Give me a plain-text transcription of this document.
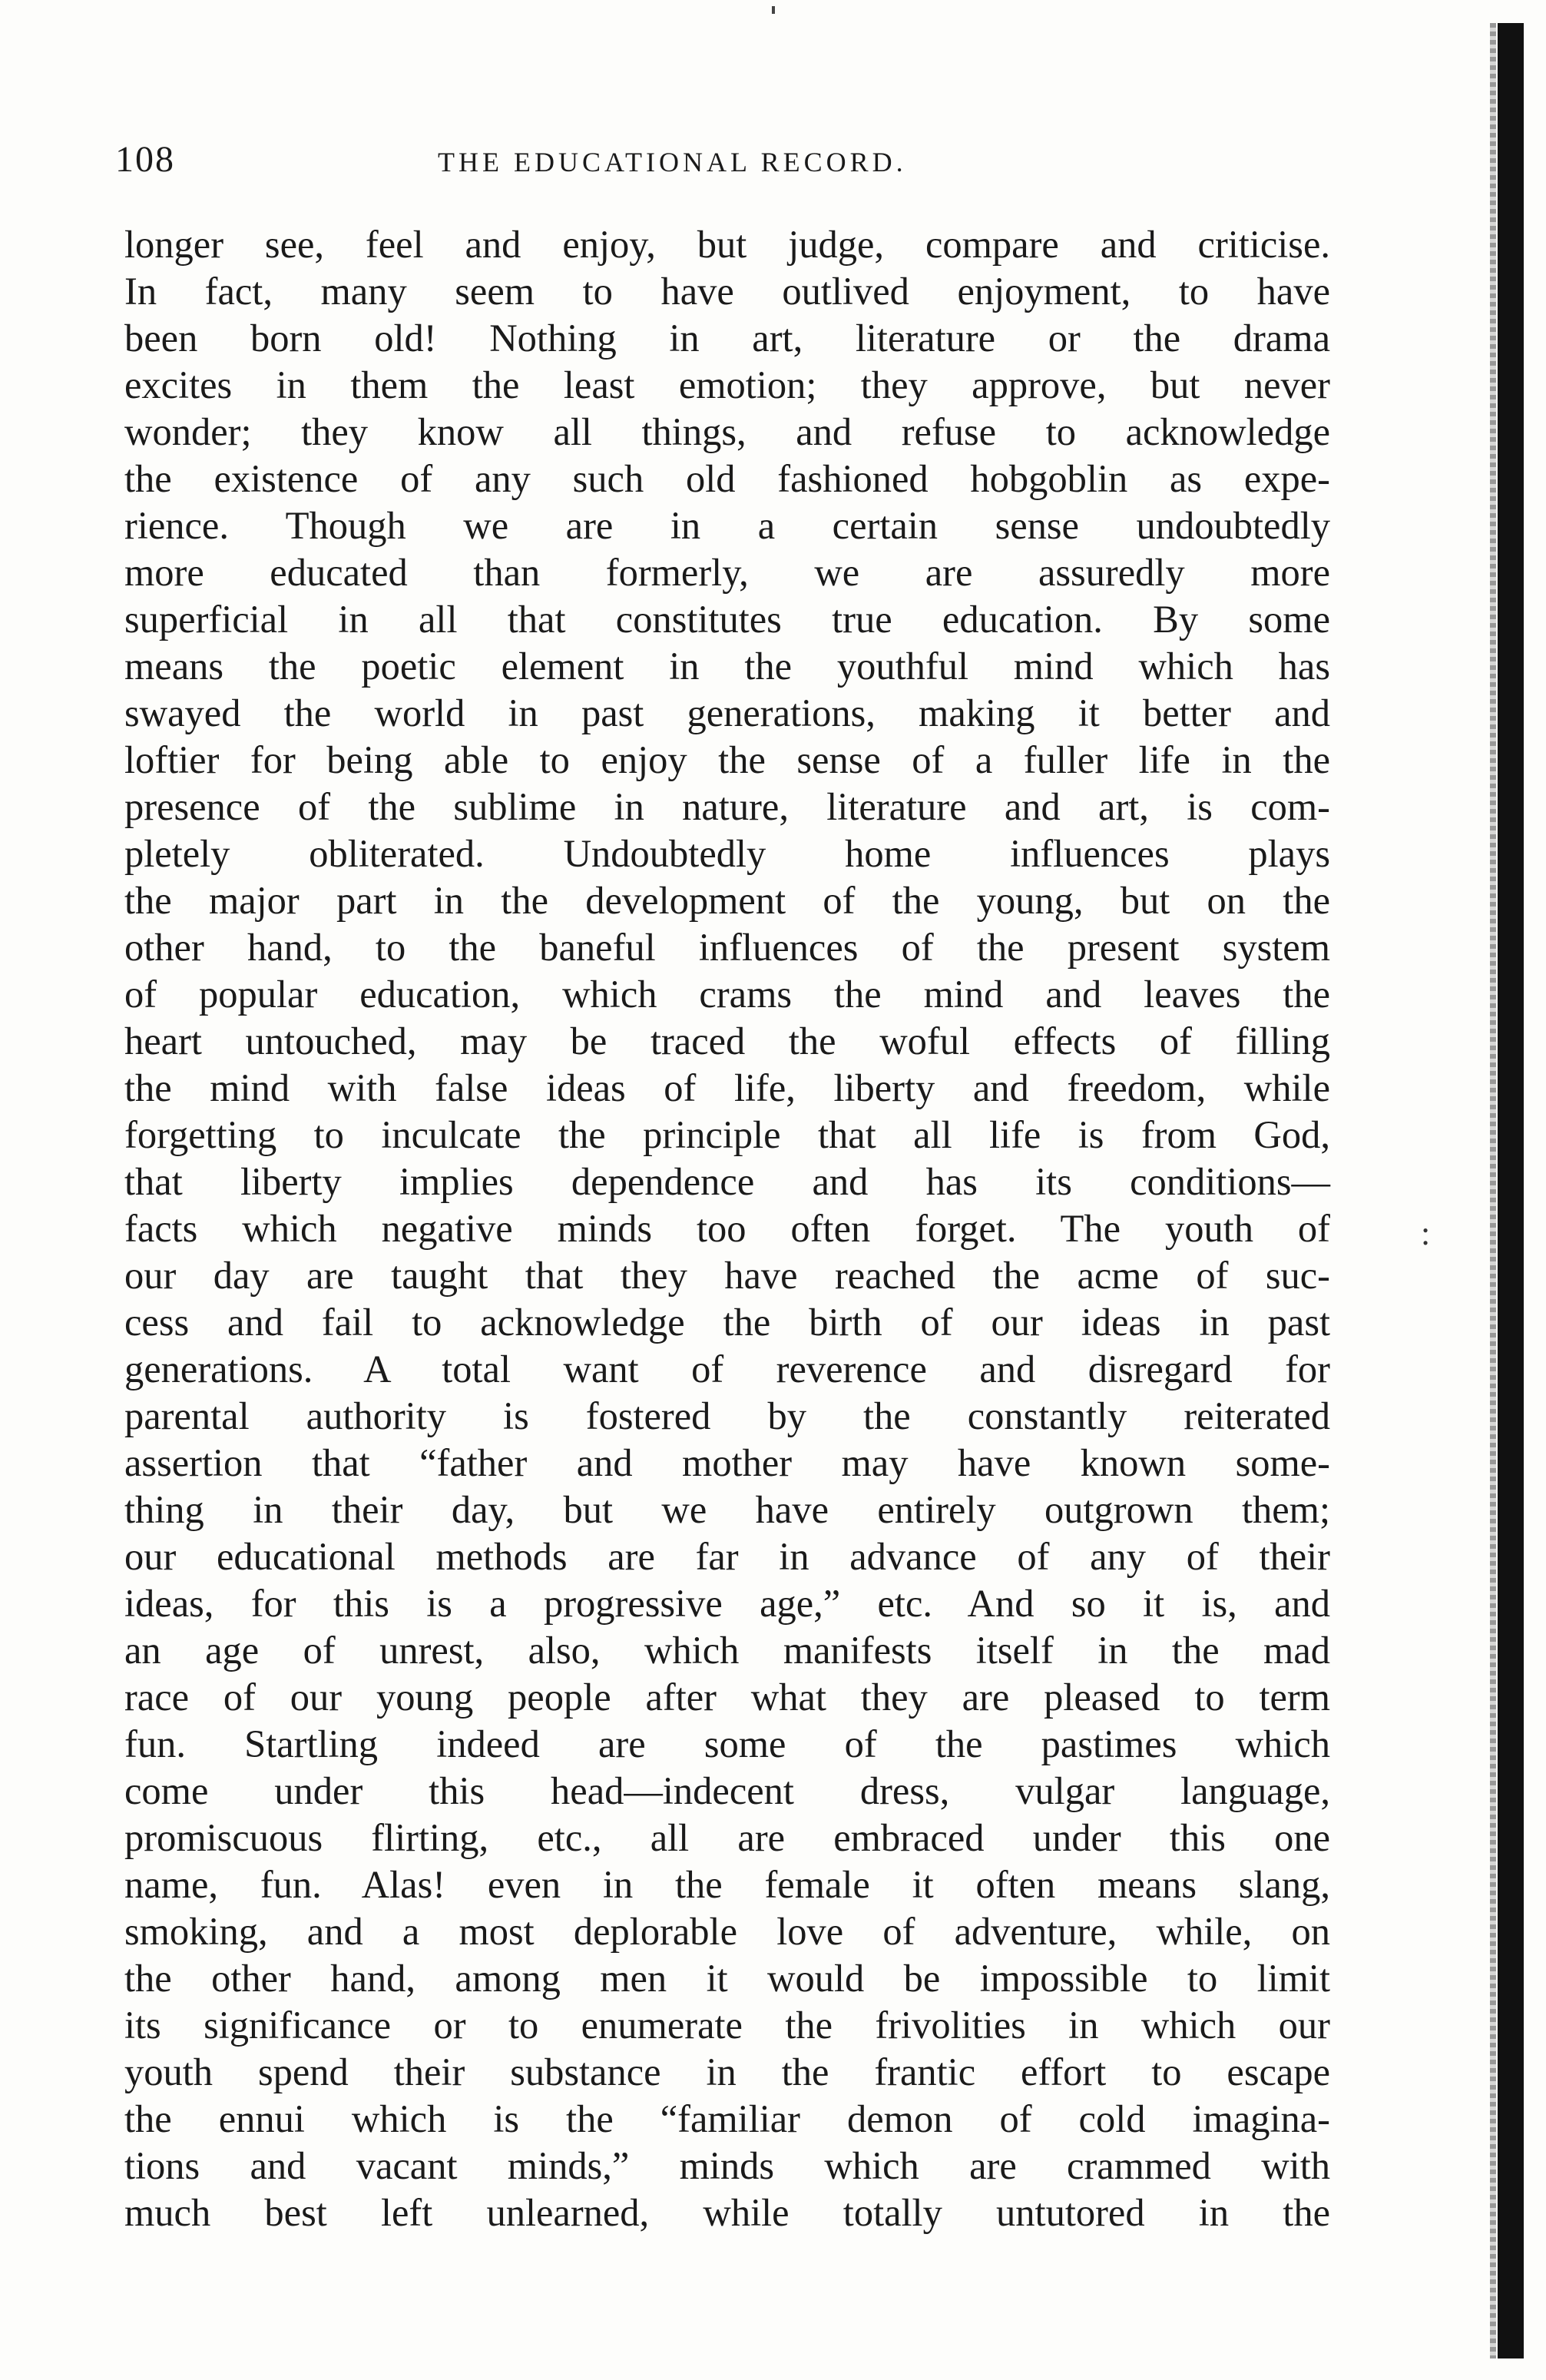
108	THE EDUCATIONAL RECORD.
longer see, feel and enjoy, but judge, compare and criticise.
In fact, many seem to have outlived enjoyment, to have
been born old! Nothing in art, literature or the drama
excites in them the least emotion; they approve, but never
wonder; they know all things, and refuse to acknowledge
the existence of any such old fashioned hobgoblin as expe-
rience. Though we are in a certain sense undoubtedly
more educated than formerly, we are assuredly more
superficial in all that constitutes true education. By some
means the poetic element in the youthful mind which has
swayed the world in past generations, making it better and
loftier for being able to enjoy the sense of a fuller life in the
presence of the sublime in nature, literature and art, is com-
pletely obliterated. Undoubtedly home influences plays
the major part in the development of the young, but on the
other hand, to the baneful influences of the present system
of popular education, which crams the mind and leaves the
heart untouched, may be traced the woful effects of filling
the mind with false ideas of life, liberty and freedom, while
forgetting to inculcate the principle that all life is from God,
that liberty implies dependence and has its conditions—
facts which negative minds too often forget. The youth of
our day are taught that they have reached the acme of suc-
cess and fail to acknowledge the birth of our ideas in past
generations. A total want of reverence and disregard for
parental authority is fostered by the constantly reiterated
assertion that “father and mother may have known some-
thing in their day, but we have entirely outgrown them;
our educational methods are far in advance of any of their
ideas, for this is a progressive age,” etc. And so it is, and
an age of unrest, also, which manifests itself in the mad
race of our young people after what they are pleased to term
fun. Startling indeed are some of the pastimes which
come under this head—indecent dress, vulgar language,
promiscuous flirting, etc., all are embraced under this one
name, fun. Alas! even in the female it often means slang,
smoking, and a most deplorable love of adventure, while, on
the other hand, among men it would be impossible to limit
its significance or to enumerate the frivolities in which our
youth spend their substance in the frantic effort to escape
the ennui which is the “familiar demon of cold imagina-
tions and vacant minds,” minds which are crammed with
much best left unlearned, while totally untutored in the
:
